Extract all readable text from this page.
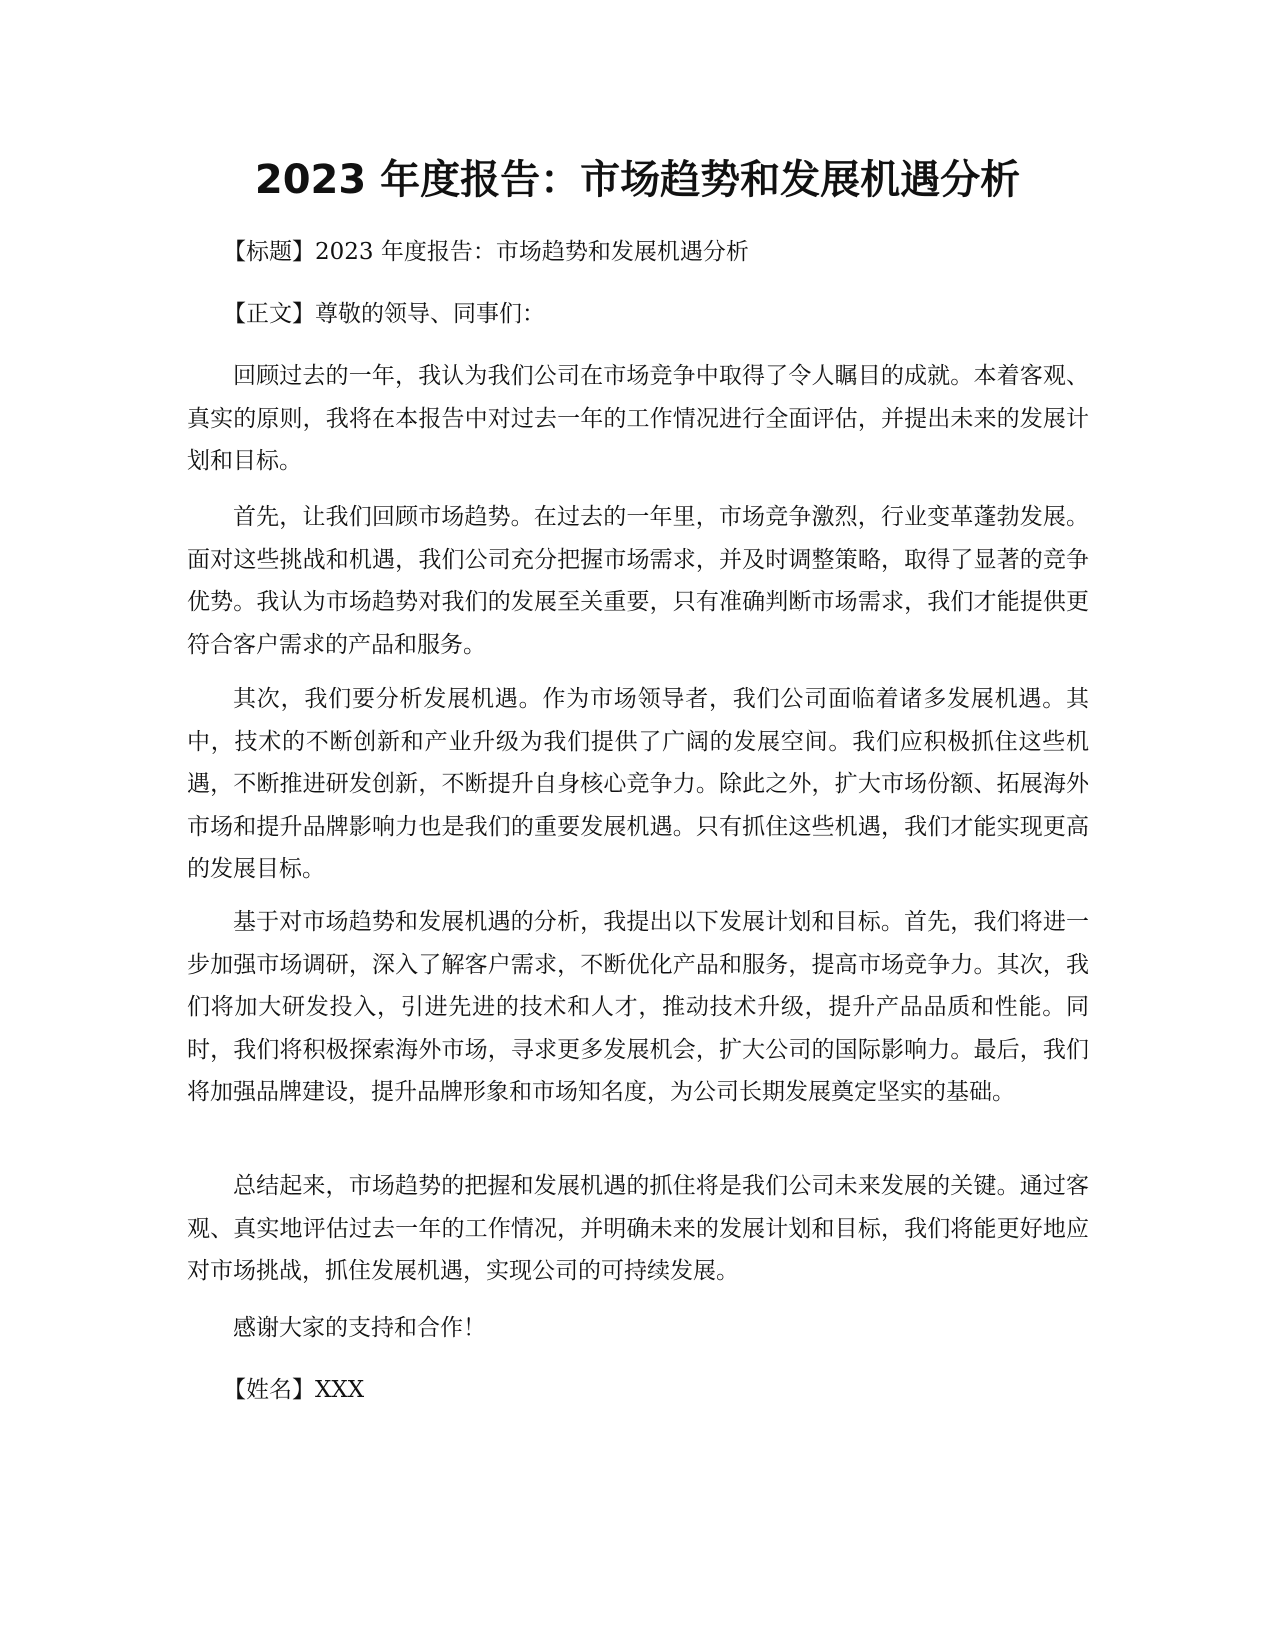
2023 年度报告：市场趋势和发展机遇分析

【标题】2023 年度报告：市场趋势和发展机遇分析

【正文】尊敬的领导、同事们：

回顾过去的一年，我认为我们公司在市场竞争中取得了令人瞩目的成就。本着客观、真实的原则，我将在本报告中对过去一年的工作情况进行全面评估，并提出未来的发展计划和目标。

首先，让我们回顾市场趋势。在过去的一年里，市场竞争激烈，行业变革蓬勃发展。面对这些挑战和机遇，我们公司充分把握市场需求，并及时调整策略，取得了显著的竞争优势。我认为市场趋势对我们的发展至关重要，只有准确判断市场需求，我们才能提供更符合客户需求的产品和服务。

其次，我们要分析发展机遇。作为市场领导者，我们公司面临着诸多发展机遇。其中，技术的不断创新和产业升级为我们提供了广阔的发展空间。我们应积极抓住这些机遇，不断推进研发创新，不断提升自身核心竞争力。除此之外，扩大市场份额、拓展海外市场和提升品牌影响力也是我们的重要发展机遇。只有抓住这些机遇，我们才能实现更高的发展目标。

基于对市场趋势和发展机遇的分析，我提出以下发展计划和目标。首先，我们将进一步加强市场调研，深入了解客户需求，不断优化产品和服务，提高市场竞争力。其次，我们将加大研发投入，引进先进的技术和人才，推动技术升级，提升产品品质和性能。同时，我们将积极探索海外市场，寻求更多发展机会，扩大公司的国际影响力。最后，我们将加强品牌建设，提升品牌形象和市场知名度，为公司长期发展奠定坚实的基础。

总结起来，市场趋势的把握和发展机遇的抓住将是我们公司未来发展的关键。通过客观、真实地评估过去一年的工作情况，并明确未来的发展计划和目标，我们将能更好地应对市场挑战，抓住发展机遇，实现公司的可持续发展。

感谢大家的支持和合作！

【姓名】XXX
